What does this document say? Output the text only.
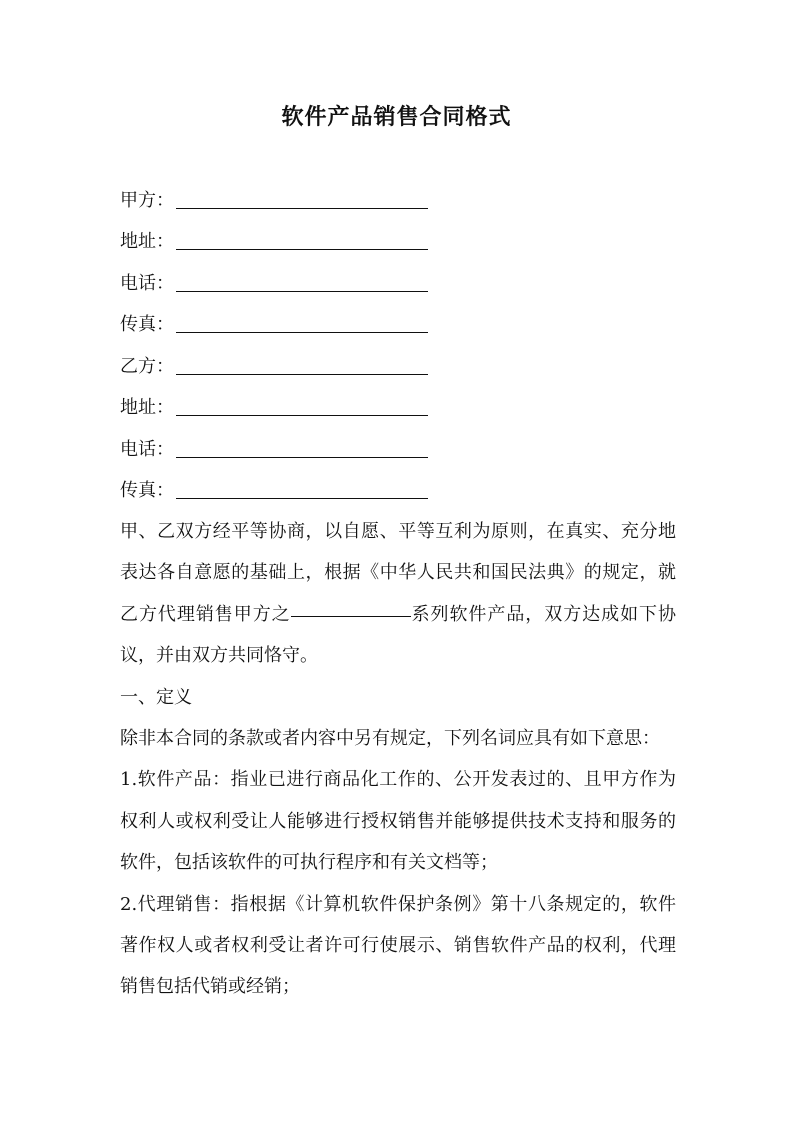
软件产品销售合同格式
甲方：
地址：
电话：
传真：
乙方：
地址：
电话：
传真：

甲、乙双方经平等协商，以自愿、平等互利为原则，在真实、充分地表达各自意愿的基础上，根据《中华人民共和国民法典》的规定，就乙方代理销售甲方之	系列软件产品，双方达成如下协议，并由双方共同恪守。

一、定义

除非本合同的条款或者内容中另有规定，下列名词应具有如下意思：

1.软件产品：指业已进行商品化工作的、公开发表过的、且甲方作为权利人或权利受让人能够进行授权销售并能够提供技术支持和服务的软件，包括该软件的可执行程序和有关文档等；

2.代理销售：指根据《计算机软件保护条例》第十八条规定的，软件著作权人或者权利受让者许可行使展示、销售软件产品的权利，代理销售包括代销或经销；
